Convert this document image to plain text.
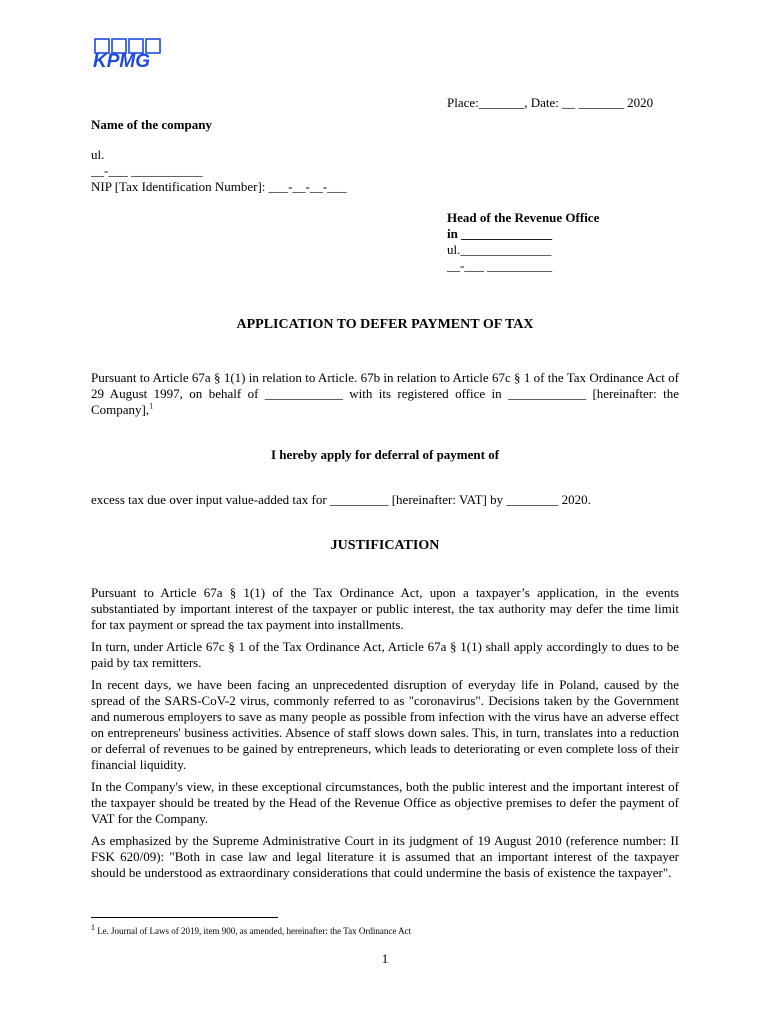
KPMG
Place:_______, Date: __ _______ 2020
Name of the company
ul.
__-___ ___________
NIP [Tax Identification Number]: ___-__-__-___
Head of the Revenue Office
in ______________
ul.______________
__-___ __________
APPLICATION TO DEFER PAYMENT OF TAX
Pursuant to Article 67a § 1(1) in relation to Article. 67b in relation to Article 67c § 1 of the Tax Ordinance Act of 29 August 1997, on behalf of ____________ with its registered office in ____________ [hereinafter: the Company],$^1$
I hereby apply for deferral of payment of
excess tax due over input value-added tax for _________ [hereinafter: VAT] by ________ 2020.
JUSTIFICATION

Pursuant to Article 67a § 1(1) of the Tax Ordinance Act, upon a taxpayer’s application, in the events substantiated by important interest of the taxpayer or public interest, the tax authority may defer the time limit for tax payment or spread the tax payment into installments.

In turn, under Article 67c § 1 of the Tax Ordinance Act, Article 67a § 1(1) shall apply accordingly to dues to be paid by tax remitters.

In recent days, we have been facing an unprecedented disruption of everyday life in Poland, caused by the spread of the SARS-CoV-2 virus, commonly referred to as "coronavirus". Decisions taken by the Government and numerous employers to save as many people as possible from infection with the virus have an adverse effect on entrepreneurs' business activities. Absence of staff slows down sales. This, in turn, translates into a reduction or deferral of revenues to be gained by entrepreneurs, which leads to deteriorating or even complete loss of their financial liquidity.

In the Company's view, in these exceptional circumstances, both the public interest and the important interest of the taxpayer should be treated by the Head of the Revenue Office as objective premises to defer the payment of VAT for the Company.

As emphasized by the Supreme Administrative Court in its judgment of 19 August 2010 (reference number: II FSK 620/09): "Both in case law and legal literature it is assumed that an important interest of the taxpayer should be understood as extraordinary considerations that could undermine the basis of existence the taxpayer".

$^1$ I.e. Journal of Laws of 2019, item 900, as amended, hereinafter: the Tax Ordinance Act
1
